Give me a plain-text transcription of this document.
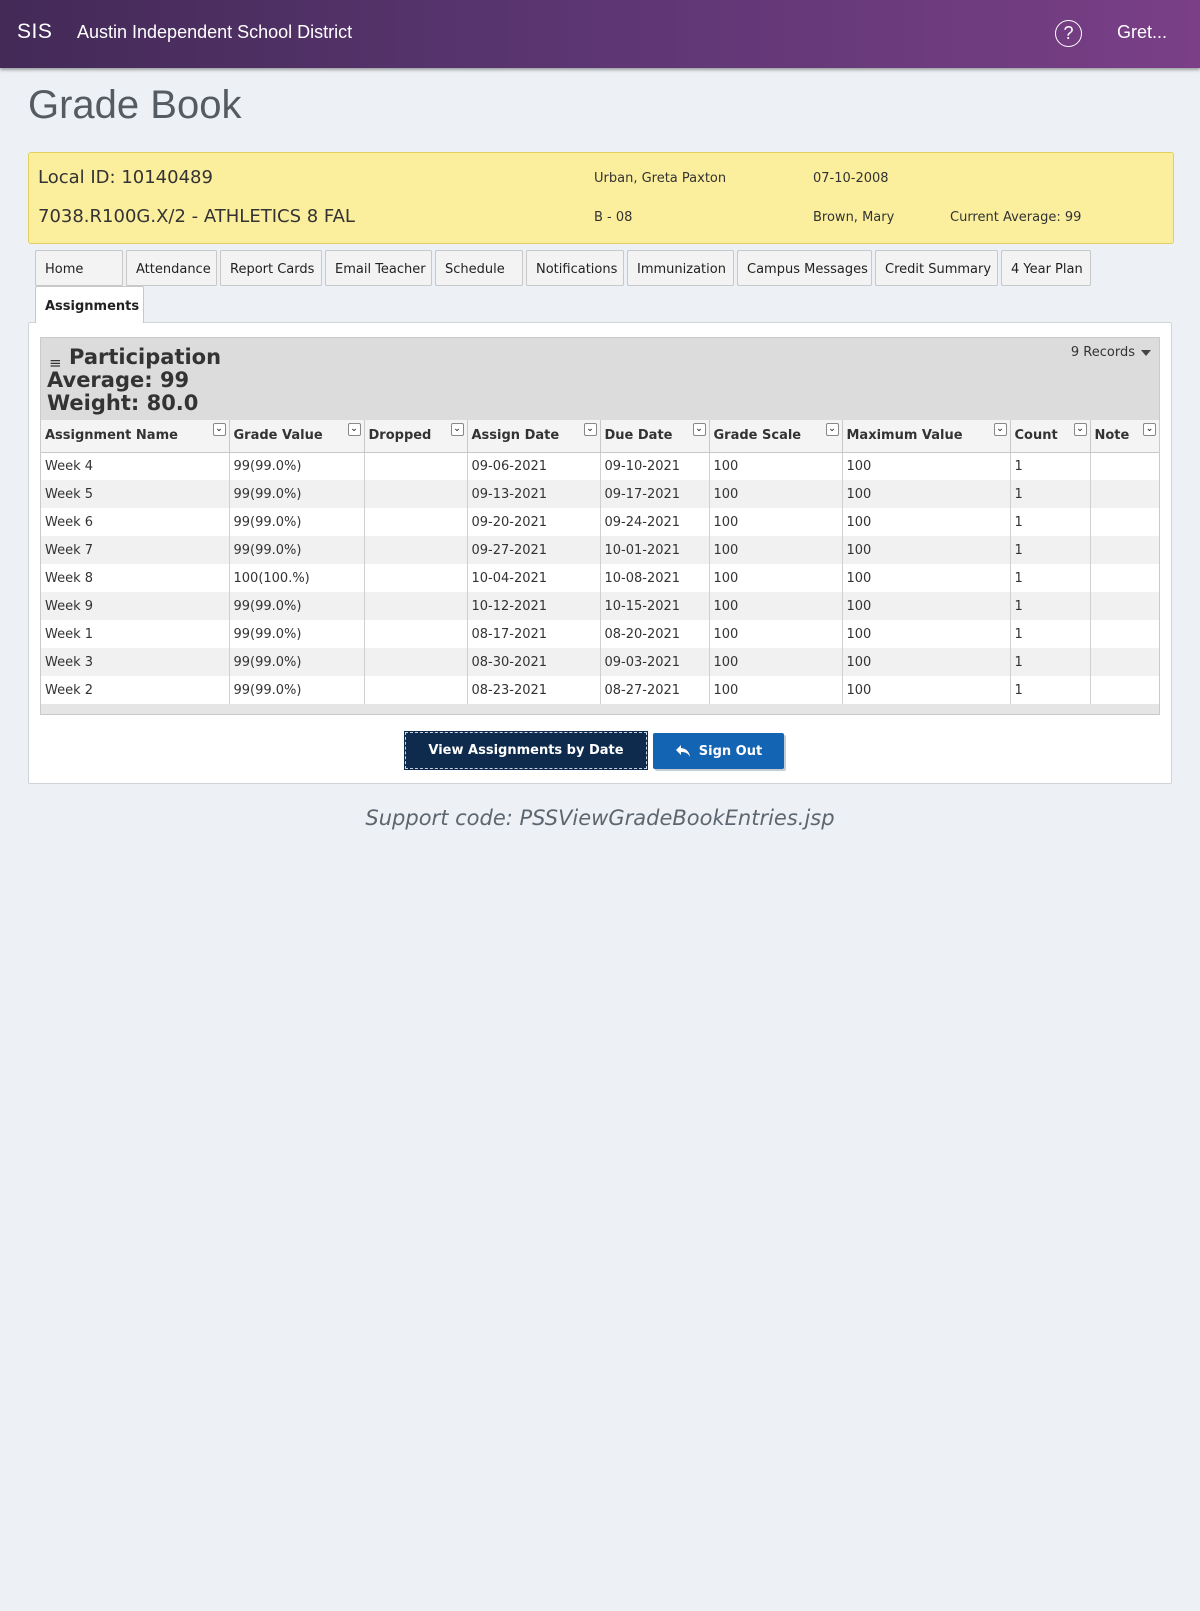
SIS Austin Independent School District	?	Gret...
Grade Book
Local ID: 10140489
7038.R100G.X/2 - ATHLETICS 8 FAL
Urban, Greta Paxton
B - 08
07-10-2008
Brown, Mary	Current Average: 99
Home	Attendance	Report Cards	Email Teacher	Schedule	Notifications	Immunization	Campus Messages	Credit Summary	4 Year Plan
Assignments
≡ Participation
Average: 99
Weight: 80.0
9 Records
Assignment Name ⌄	Grade Value ⌄	Dropped ⌄	Assign Date ⌄	Due Date ⌄	Grade Scale ⌄	Maximum Value ⌄	Count ⌄	Note ⌄

Week 4	99(99.0%)		09-06-2021	09-10-2021	100	100	1	
Week 5	99(99.0%)		09-13-2021	09-17-2021	100	100	1	
Week 6	99(99.0%)		09-20-2021	09-24-2021	100	100	1	
Week 7	99(99.0%)		09-27-2021	10-01-2021	100	100	1	
Week 8	100(100.%)		10-04-2021	10-08-2021	100	100	1	
Week 9	99(99.0%)		10-12-2021	10-15-2021	100	100	1	
Week 1	99(99.0%)		08-17-2021	08-20-2021	100	100	1	
Week 3	99(99.0%)		08-30-2021	09-03-2021	100	100	1	
Week 2	99(99.0%)		08-23-2021	08-27-2021	100	100	1	
View Assignments by Date	Sign Out
Support code: PSSViewGradeBookEntries.jsp
